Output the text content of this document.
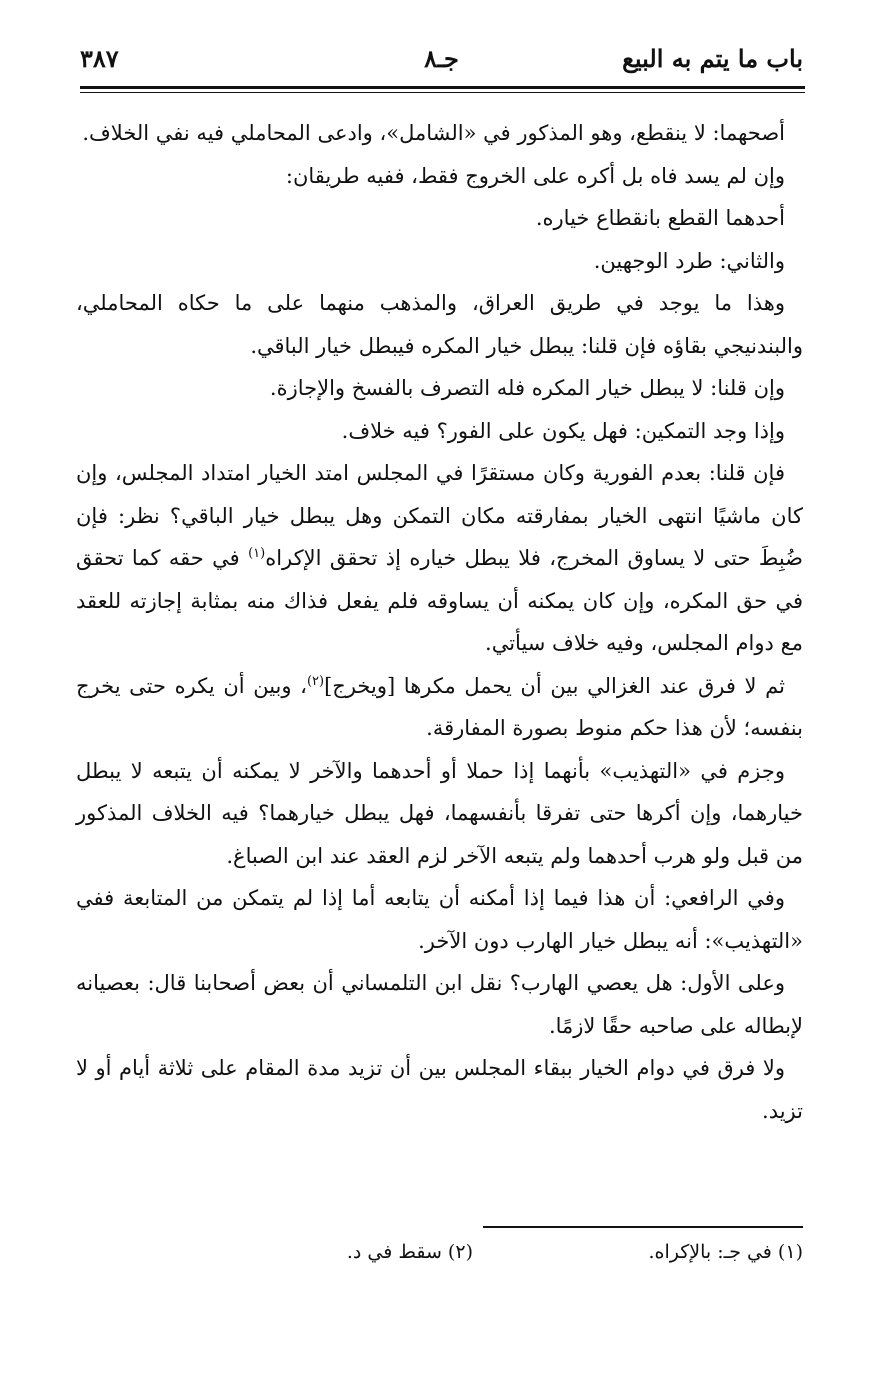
باب ما يتم به البيع
جـ٨
٣٨٧

أصحهما: لا ينقطع، وهو المذكور في «الشامل»، وادعى المحاملي فيه نفي الخلاف.

وإن لم يسد فاه بل أكره على الخروج فقط، ففيه طريقان:

أحدهما القطع بانقطاع خياره.

والثاني: طرد الوجهين.

وهذا ما يوجد في طريق العراق، والمذهب منهما على ما حكاه المحاملي، والبندنيجي بقاؤه فإن قلنا: يبطل خيار المكره فيبطل خيار الباقي.

وإن قلنا: لا يبطل خيار المكره فله التصرف بالفسخ والإجازة.

وإذا وجد التمكين: فهل يكون على الفور؟ فيه خلاف.

فإن قلنا: بعدم الفورية وكان مستقرًا في المجلس امتد الخيار امتداد المجلس، وإن كان ماشيًا انتهى الخيار بمفارقته مكان التمكن وهل يبطل خيار الباقي؟ نظر: فإن ضُبِطَ حتى لا يساوق المخرج، فلا يبطل خياره إذ تحقق الإكراه$^{(١)}$ في حقه كما تحقق في حق المكره، وإن كان يمكنه أن يساوقه فلم يفعل فذاك منه بمثابة إجازته للعقد مع دوام المجلس، وفيه خلاف سيأتي.

ثم لا فرق عند الغزالي بين أن يحمل مكرها [ويخرج]$^{(٢)}$، وبين أن يكره حتى يخرج بنفسه؛ لأن هذا حكم منوط بصورة المفارقة.

وجزم في «التهذيب» بأنهما إذا حملا أو أحدهما والآخر لا يمكنه أن يتبعه لا يبطل خيارهما، وإن أكرها حتى تفرقا بأنفسهما، فهل يبطل خيارهما؟ فيه الخلاف المذكور من قبل ولو هرب أحدهما ولم يتبعه الآخر لزم العقد عند ابن الصباغ.

وفي الرافعي: أن هذا فيما إذا أمكنه أن يتابعه أما إذا لم يتمكن من المتابعة ففي «التهذيب»: أنه يبطل خيار الهارب دون الآخر.

وعلى الأول: هل يعصي الهارب؟ نقل ابن التلمساني أن بعض أصحابنا قال: بعصيانه لإبطاله على صاحبه حقًا لازمًا.

ولا فرق في دوام الخيار ببقاء المجلس بين أن تزيد مدة المقام على ثلاثة أيام أو لا تزيد.

(١) في جـ: بالإكراه.
(٢) سقط في د.
